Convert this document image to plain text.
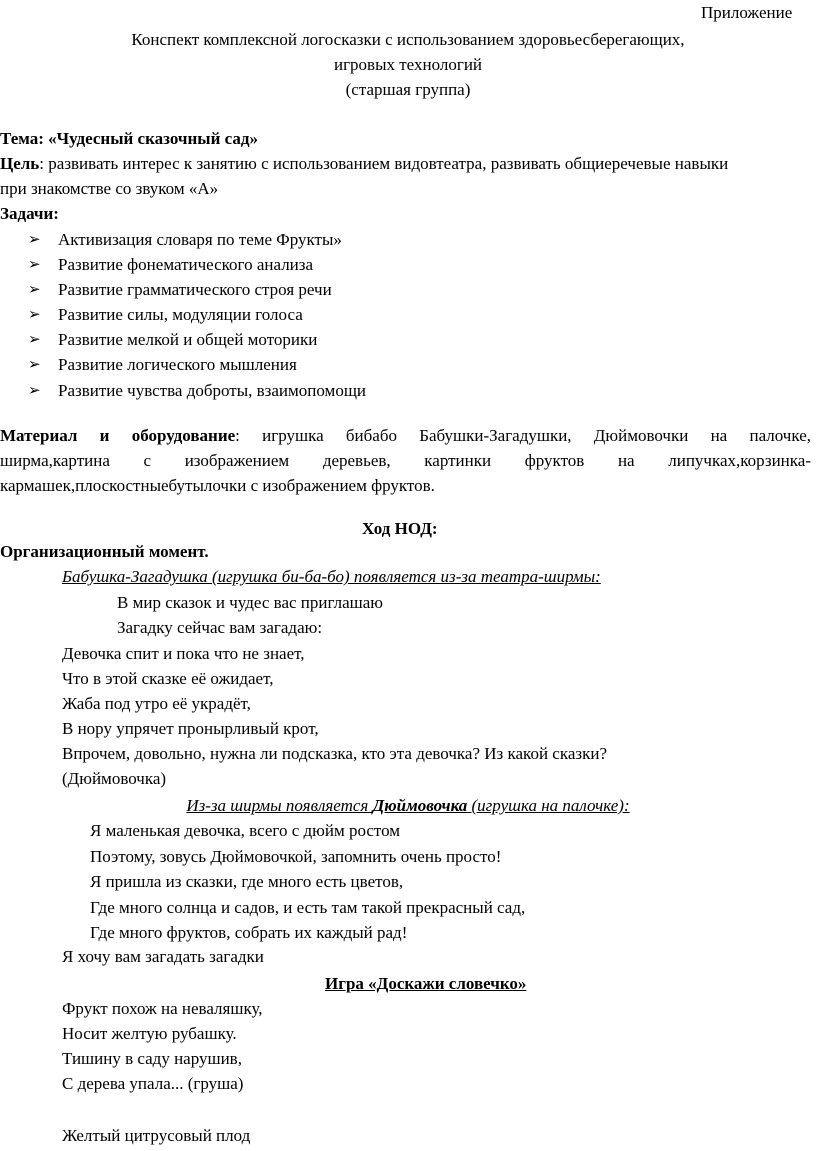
Приложение
Конспект комплексной логосказки с использованием здоровьесберегающих,
игровых технологий
(старшая группа)
Тема: «Чудесный сказочный сад»
Цель: развивать интерес к занятию с использованием видовтеатра, развивать общиеречевые навыки
при знакомстве со звуком «А»
Задачи:
➢ Активизация словаря по теме Фрукты»
➢ Развитие фонематического анализа
➢ Развитие грамматического строя речи
➢ Развитие силы, модуляции голоса
➢ Развитие мелкой и общей моторики
➢ Развитие логического мышления
➢ Развитие чувства доброты, взаимопомощи
Материал и оборудование: игрушка бибабо Бабушки-Загадушки, Дюймовочки на палочке,
ширма,картина с изображением деревьев, картинки фруктов на липучках,корзинка-
кармашек,плоскостныебутылочки с изображением фруктов.
Ход НОД:
Организационный момент.
Бабушка-Загадушка (игрушка би-ба-бо) появляется из-за театра-ширмы:
В мир сказок и чудес вас приглашаю
Загадку сейчас вам загадаю:
Девочка спит и пока что не знает,
Что в этой сказке её ожидает,
Жаба под утро её украдёт,
В нору упрячет пронырливый крот,
Впрочем, довольно, нужна ли подсказка, кто эта девочка? Из какой сказки?
(Дюймовочка)
Из-за ширмы появляется Дюймовочка (игрушка на палочке):
Я маленькая девочка, всего с дюйм ростом
Поэтому, зовусь Дюймовочкой, запомнить очень просто!
Я пришла из сказки, где много есть цветов,
Где много солнца и садов, и есть там такой прекрасный сад,
Где много фруктов, собрать их каждый рад!
Я хочу вам загадать загадки
Игра «Доскажи словечко»
Фрукт похож на неваляшку,
Носит желтую рубашку.
Тишину в саду нарушив,
С дерева упала... (груша)
Желтый цитрусовый плод
